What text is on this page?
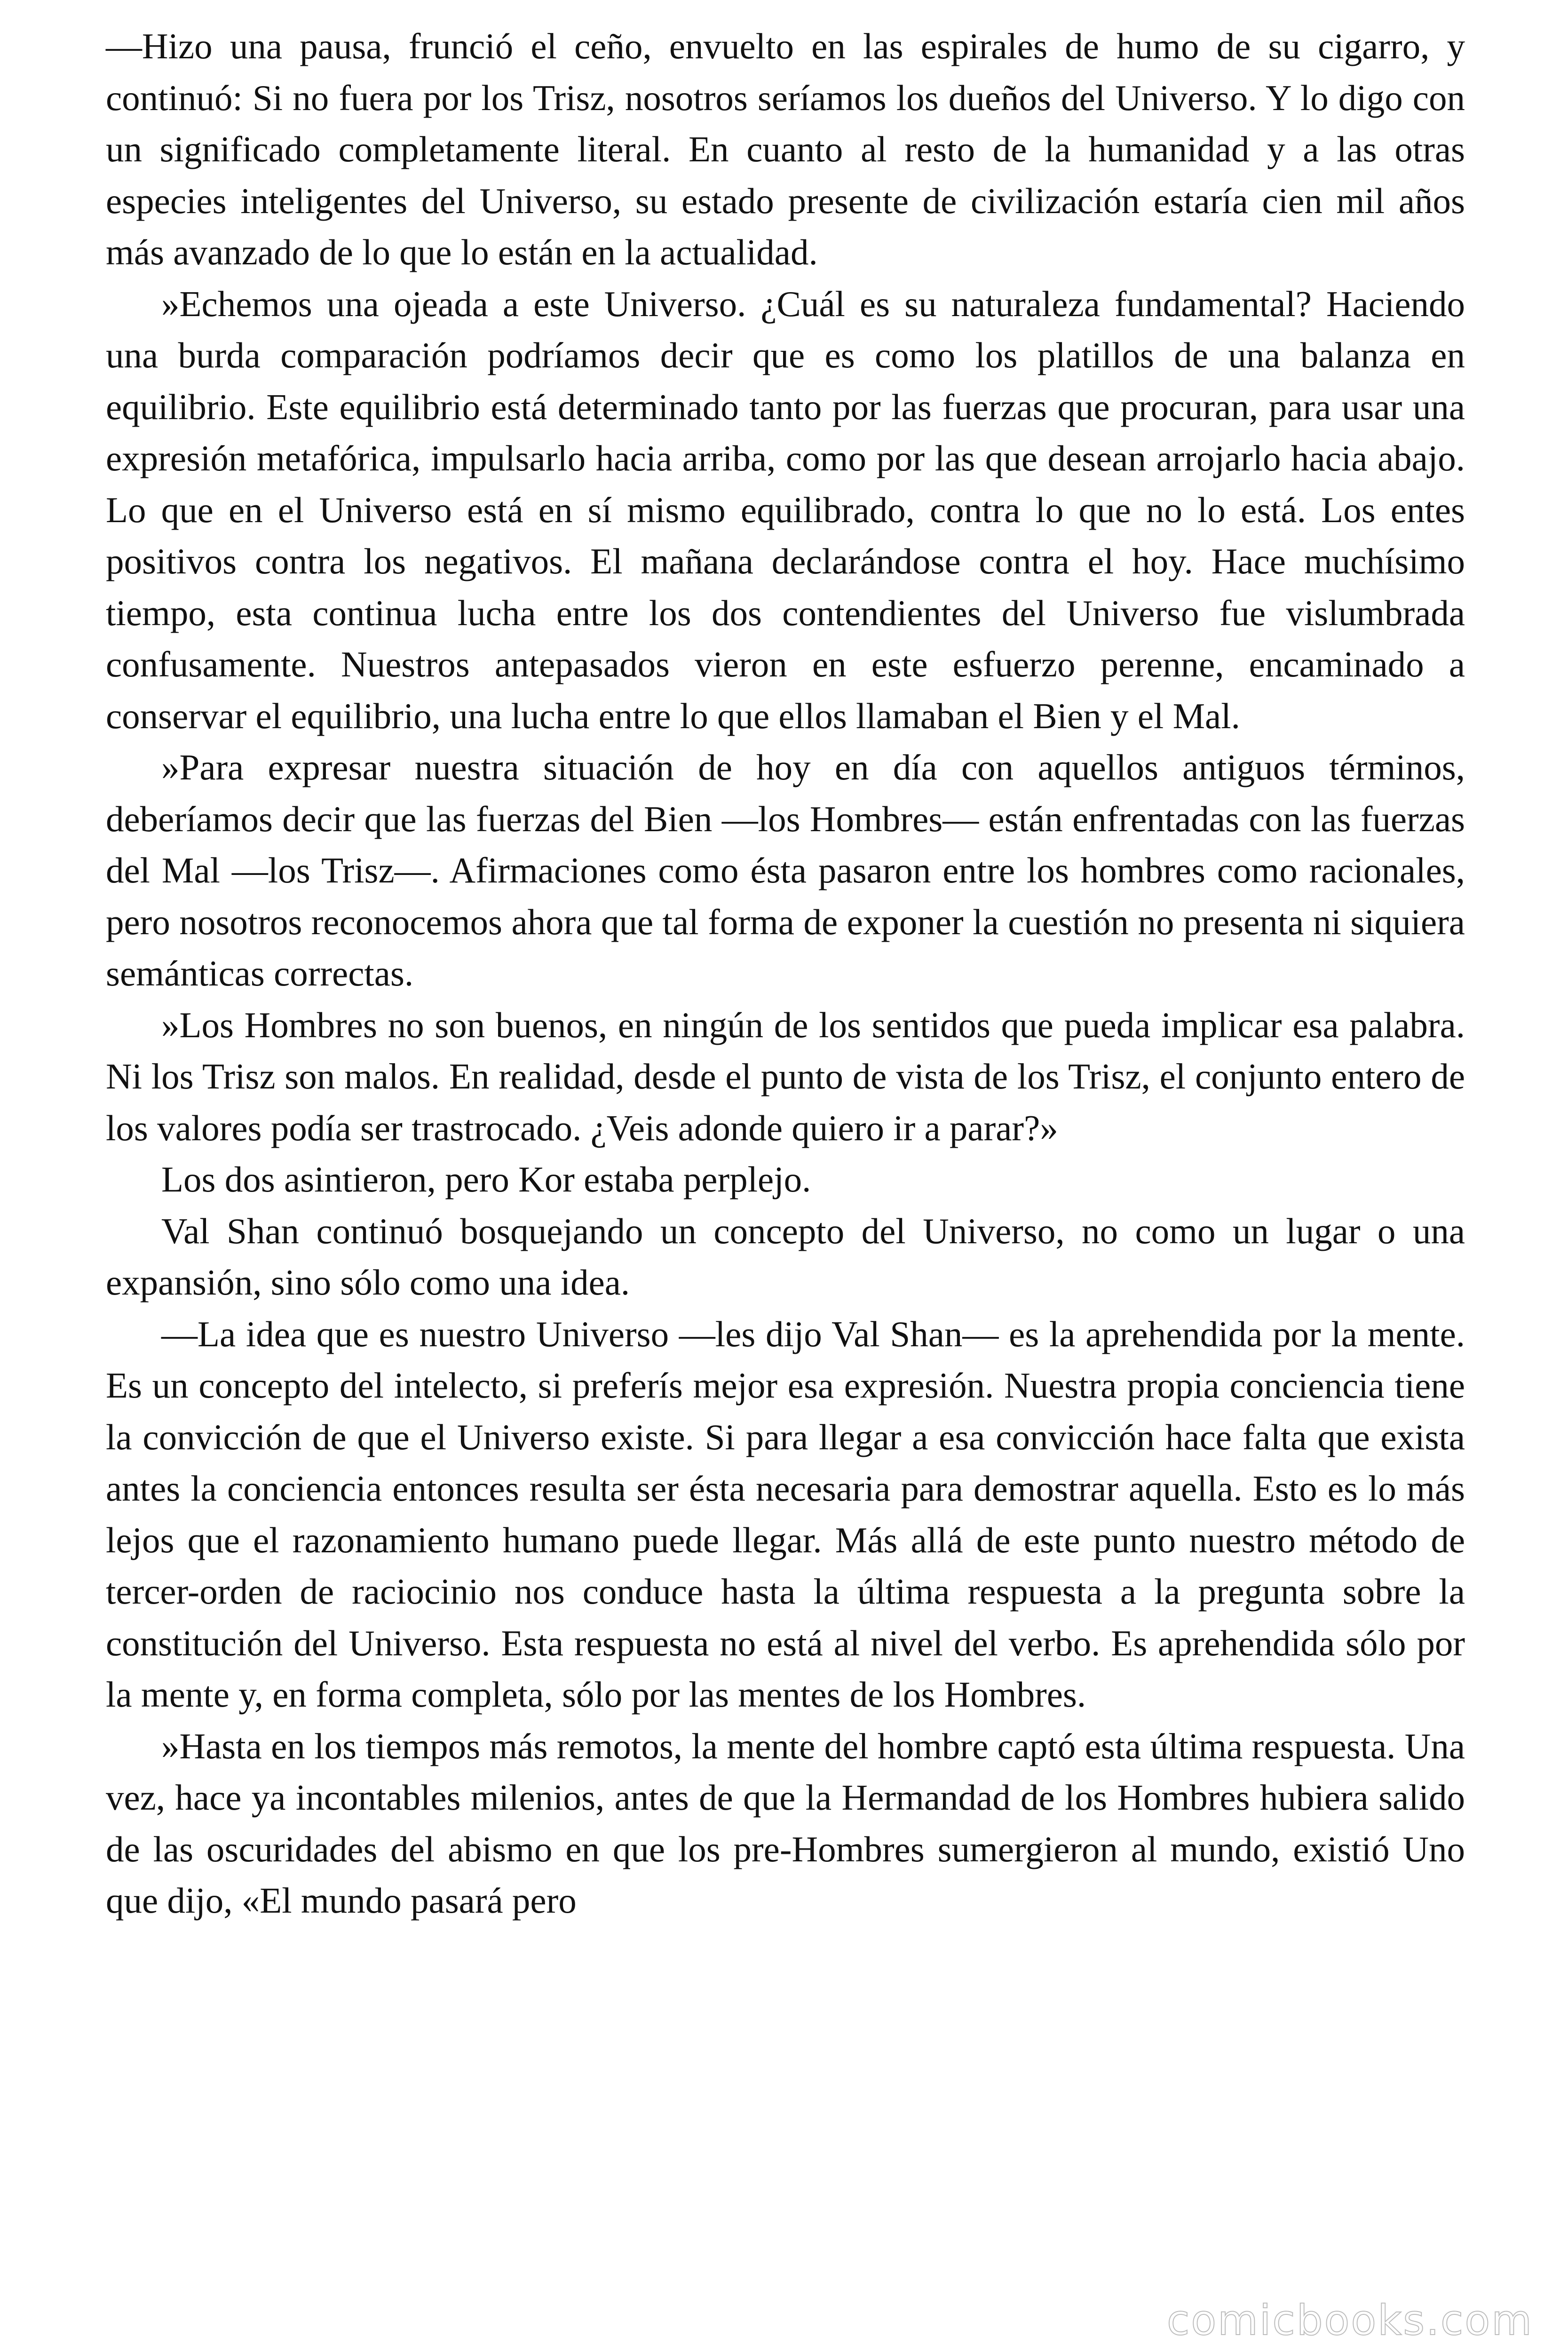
—Hizo una pausa, frunció el ceño, envuelto en las espirales de humo de su cigarro, y continuó: Si no fuera por los Trisz, nosotros seríamos los dueños del Universo. Y lo digo con un significado completamente literal. En cuanto al resto de la humanidad y a las otras especies inteligentes del Universo, su estado presente de civilización estaría cien mil años más avanzado de lo que lo están en la actualidad.

»Echemos una ojeada a este Universo. ¿Cuál es su naturaleza fundamental? Haciendo una burda comparación podríamos decir que es como los platillos de una balanza en equilibrio. Este equilibrio está determinado tanto por las fuerzas que procuran, para usar una expresión metafórica, impulsarlo hacia arriba, como por las que desean arrojarlo hacia abajo. Lo que en el Universo está en sí mismo equilibrado, contra lo que no lo está. Los entes positivos contra los negativos. El mañana declarándose contra el hoy. Hace muchísimo tiempo, esta continua lucha entre los dos contendientes del Universo fue vislumbrada confusamente. Nuestros antepasados vieron en este esfuerzo perenne, encaminado a conservar el equilibrio, una lucha entre lo que ellos llamaban el Bien y el Mal.

»Para expresar nuestra situación de hoy en día con aquellos antiguos términos, deberíamos decir que las fuerzas del Bien —los Hombres— están enfrentadas con las fuerzas del Mal —los Trisz—. Afirmaciones como ésta pasaron entre los hombres como racionales, pero nosotros reconocemos ahora que tal forma de exponer la cuestión no presenta ni siquiera semánticas correctas.

»Los Hombres no son buenos, en ningún de los sentidos que pueda implicar esa palabra. Ni los Trisz son malos. En realidad, desde el punto de vista de los Trisz, el conjunto entero de los valores podía ser trastrocado. ¿Veis adonde quiero ir a parar?»

Los dos asintieron, pero Kor estaba perplejo.

Val Shan continuó bosquejando un concepto del Universo, no como un lugar o una expansión, sino sólo como una idea.

—La idea que es nuestro Universo —les dijo Val Shan— es la aprehendida por la mente. Es un concepto del intelecto, si preferís mejor esa expresión. Nuestra propia conciencia tiene la convicción de que el Universo existe. Si para llegar a esa convicción hace falta que exista antes la conciencia entonces resulta ser ésta necesaria para demostrar aquella. Esto es lo más lejos que el razonamiento humano puede llegar. Más allá de este punto nuestro método de tercer-orden de raciocinio nos conduce hasta la última respuesta a la pregunta sobre la constitución del Universo. Esta respuesta no está al nivel del verbo. Es aprehendida sólo por la mente y, en forma completa, sólo por las mentes de los Hombres.

»Hasta en los tiempos más remotos, la mente del hombre captó esta última respuesta. Una vez, hace ya incontables milenios, antes de que la Hermandad de los Hombres hubiera salido de las oscuridades del abismo en que los pre-Hombres sumergieron al mundo, existió Uno que dijo, «El mundo pasará pero

comicbooks.com
